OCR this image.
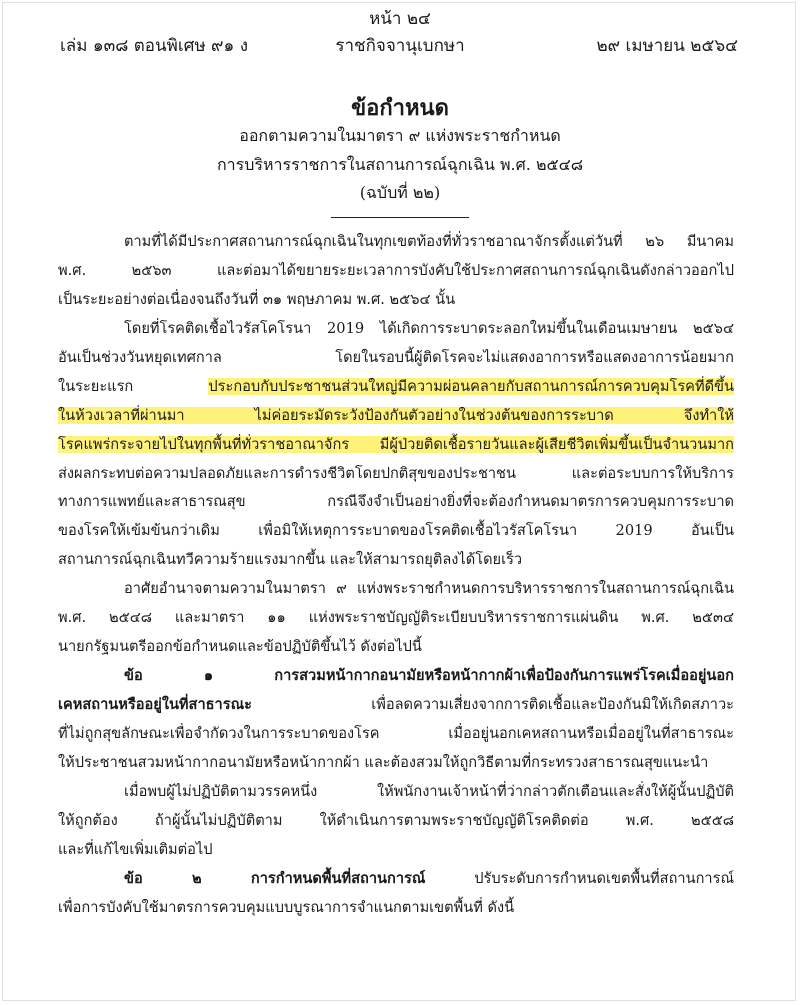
หน้า ๒๔
เล่ม ๑๓๘ ตอนพิเศษ ๙๑ ง	ราชกิจจานุเบกษา	๒๙ เมษายน ๒๕๖๔
ข้อกำหนด
ออกตามความในมาตรา ๙ แห่งพระราชกำหนด
การบริหารราชการในสถานการณ์ฉุกเฉิน พ.ศ. ๒๕๔๘
(ฉบับที่ ๒๒)
ตามที่ได้มีประกาศสถานการณ์ฉุกเฉินในทุกเขตท้องที่ทั่วราชอาณาจักรตั้งแต่วันที่ ๒๖ มีนาคม
พ.ศ. ๒๕๖๓ และต่อมาได้ขยายระยะเวลาการบังคับใช้ประกาศสถานการณ์ฉุกเฉินดังกล่าวออกไป
เป็นระยะอย่างต่อเนื่องจนถึงวันที่ ๓๑ พฤษภาคม พ.ศ. ๒๕๖๔ นั้น
โดยที่โรคติดเชื้อไวรัสโคโรนา 2019 ได้เกิดการระบาดระลอกใหม่ขึ้นในเดือนเมษายน ๒๕๖๔
อันเป็นช่วงวันหยุดเทศกาล โดยในรอบนี้ผู้ติดโรคจะไม่แสดงอาการหรือแสดงอาการน้อยมาก
ในระยะแรก ประกอบกับประชาชนส่วนใหญ่มีความผ่อนคลายกับสถานการณ์การควบคุมโรคที่ดีขึ้น
ในห้วงเวลาที่ผ่านมา ไม่ค่อยระมัดระวังป้องกันตัวอย่างในช่วงต้นของการระบาด จึงทำให้
โรคแพร่กระจายไปในทุกพื้นที่ทั่วราชอาณาจักร มีผู้ป่วยติดเชื้อรายวันและผู้เสียชีวิตเพิ่มขึ้นเป็นจำนวนมาก
ส่งผลกระทบต่อความปลอดภัยและการดำรงชีวิตโดยปกติสุขของประชาชน และต่อระบบการให้บริการ
ทางการแพทย์และสาธารณสุข กรณีจึงจำเป็นอย่างยิ่งที่จะต้องกำหนดมาตรการควบคุมการระบาด
ของโรคให้เข้มข้นกว่าเดิม เพื่อมิให้เหตุการระบาดของโรคติดเชื้อไวรัสโคโรนา 2019 อันเป็น
สถานการณ์ฉุกเฉินทวีความร้ายแรงมากขึ้น และให้สามารถยุติลงได้โดยเร็ว
อาศัยอำนาจตามความในมาตรา ๙ แห่งพระราชกำหนดการบริหารราชการในสถานการณ์ฉุกเฉิน
พ.ศ. ๒๕๔๘ และมาตรา ๑๑ แห่งพระราชบัญญัติระเบียบบริหารราชการแผ่นดิน พ.ศ. ๒๕๓๔
นายกรัฐมนตรีออกข้อกำหนดและข้อปฏิบัติขึ้นไว้ ดังต่อไปนี้
ข้อ ๑ การสวมหน้ากากอนามัยหรือหน้ากากผ้าเพื่อป้องกันการแพร่โรคเมื่ออยู่นอก
เคหสถานหรืออยู่ในที่สาธารณะ เพื่อลดความเสี่ยงจากการติดเชื้อและป้องกันมิให้เกิดสภาวะ
ที่ไม่ถูกสุขลักษณะเพื่อจำกัดวงในการระบาดของโรค เมื่ออยู่นอกเคหสถานหรือเมื่ออยู่ในที่สาธารณะ
ให้ประชาชนสวมหน้ากากอนามัยหรือหน้ากากผ้า และต้องสวมให้ถูกวิธีตามที่กระทรวงสาธารณสุขแนะนำ
เมื่อพบผู้ไม่ปฏิบัติตามวรรคหนึ่ง ให้พนักงานเจ้าหน้าที่ว่ากล่าวตักเตือนและสั่งให้ผู้นั้นปฏิบัติ
ให้ถูกต้อง ถ้าผู้นั้นไม่ปฏิบัติตาม ให้ดำเนินการตามพระราชบัญญัติโรคติดต่อ พ.ศ. ๒๕๕๘
และที่แก้ไขเพิ่มเติมต่อไป
ข้อ ๒ การกำหนดพื้นที่สถานการณ์ ปรับระดับการกำหนดเขตพื้นที่สถานการณ์
เพื่อการบังคับใช้มาตรการควบคุมแบบบูรณาการจำแนกตามเขตพื้นที่ ดังนี้
